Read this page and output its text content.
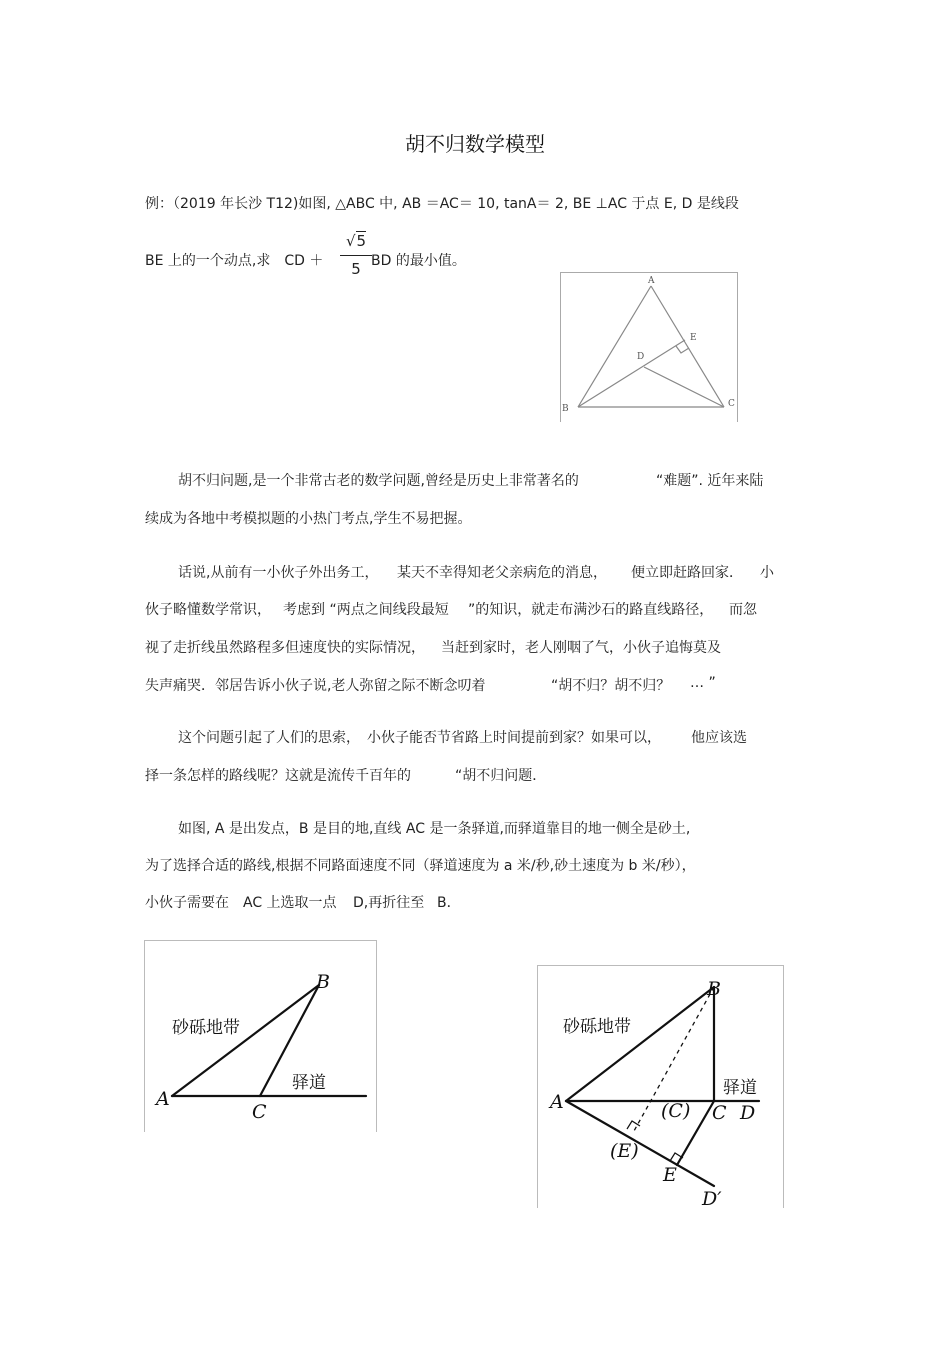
胡不归数学模型
例：（2019 年长沙 T12)如图, △ABC 中, AB ＝AC＝ 10, tanA＝ 2, BE ⊥AC 于点 E, D 是线段
BE 上的一个动点,求　CD ＋
√5
5 BD 的最小值。
A
B	C
D
E
胡不归问题,是一个非常古老的数学问题,曾经是历史上非常著名的	“难题”. 近年来陆
续成为各地中考模拟题的小热门考点,学生不易把握。
话说,从前有一小伙子外出务工， 某天不幸得知老父亲病危的消息， 便立即赶路回家． 小
伙子略懂数学常识， 考虑到 “两点之间线段最短 ”的知识，就走布满沙石的路直线路径， 而忽
视了走折线虽然路程多但速度快的实际情况， 当赶到家时，老人刚咽了气，小伙子追悔莫及
失声痛哭．邻居告诉小伙子说,老人弥留之际不断念叨着	“胡不归？胡不归？ … ”
这个问题引起了人们的思索， 小伙子能否节省路上时间提前到家？如果可以， 他应该选
择一条怎样的路线呢？这就是流传千百年的	“胡不归问题．
如图, A 是出发点，B 是目的地,直线 AC 是一条驿道,而驿道靠目的地一侧全是砂土,
为了选择合适的路线,根据不同路面速度不同（驿道速度为 a 米/秒,砂土速度为 b 米/秒），
小伙子需要在 AC 上选取一点 D,再折往至 B．
B
A
C
砂砾地带
驿道
B
A	(C) C D
(E)
E
D′
砂砾地带
驿道
